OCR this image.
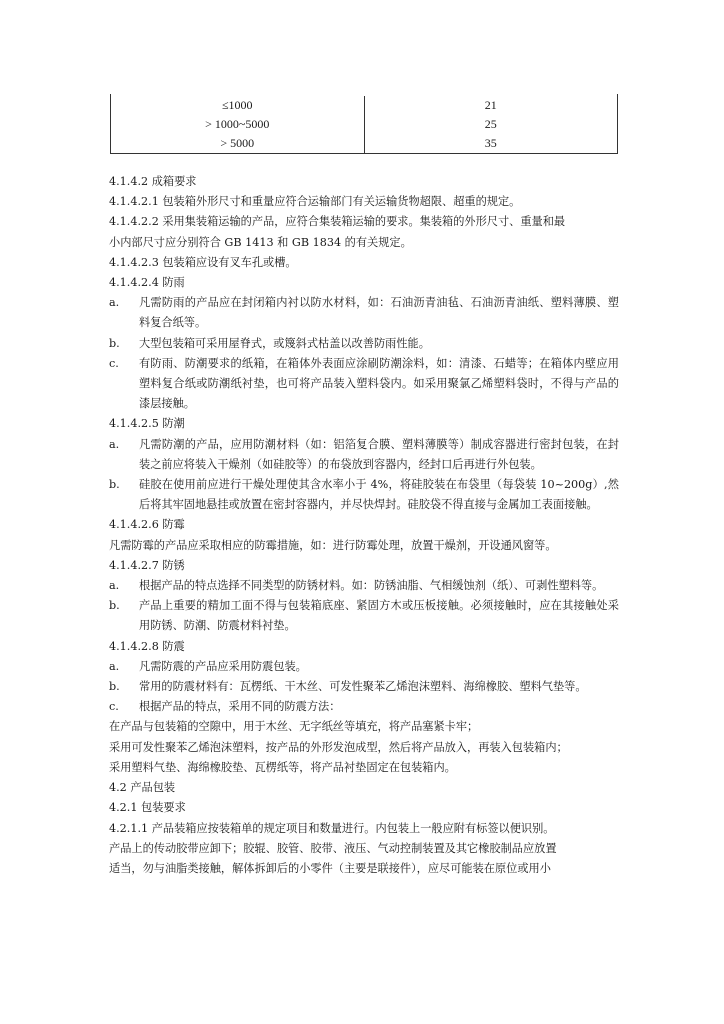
≤1000	21
> 1000~5000	25
> 5000	35
4.1.4.2 成箱要求
4.1.4.2.1 包装箱外形尺寸和重量应符合运输部门有关运输货物超限、超重的规定。
4.1.4.2.2 采用集装箱运输的产品，应符合集装箱运输的要求。集装箱的外形尺寸、重量和最
小内部尺寸应分别符合 GB 1413 和 GB 1834 的有关规定。
4.1.4.2.3 包装箱应设有叉车孔或槽。
4.1.4.2.4 防雨
a. 凡需防雨的产品应在封闭箱内衬以防水材料，如：石油沥青油毡、石油沥青油纸、塑料薄膜、塑料复合纸等。
b. 大型包装箱可采用屋脊式，或篾斜式枯盖以改善防雨性能。
c. 有防雨、防潮要求的纸箱，在箱体外表面应涂刷防潮涂料，如：清漆、石蜡等；在箱体内壁应用塑料复合纸或防潮纸衬垫，也可将产品装入塑料袋内。如采用聚氯乙烯塑料袋时，不得与产品的漆层接触。
4.1.4.2.5 防潮
a. 凡需防潮的产品，应用防潮材料（如：铝箔复合膜、塑料薄膜等）制成容器进行密封包装，在封装之前应将装入干燥剂（如硅胶等）的布袋放到容器内，经封口后再进行外包装。
b. 硅胶在使用前应进行干燥处理使其含水率小于 4%，将硅胶装在布袋里（每袋装 10~200g）,然后将其牢固地悬挂或放置在密封容器内，并尽快焊封。硅胶袋不得直接与金属加工表面接触。
4.1.4.2.6 防霉
凡需防霉的产品应采取相应的防霉措施，如：进行防霉处理，放置干燥剂，开设通风窗等。
4.1.4.2.7 防锈
a. 根据产品的特点选择不同类型的防锈材料。如：防锈油脂、气相缓蚀剂（纸）、可剥性塑料等。
b. 产品上重要的精加工面不得与包装箱底座、紧固方木或压板接触。必须接触时，应在其接触处采用防锈、防潮、防震材料衬垫。
4.1.4.2.8 防震
a. 凡需防震的产品应采用防震包装。
b. 常用的防震材料有：瓦楞纸、干木丝、可发性聚苯乙烯泡沫塑料、海绵橡胶、塑料气垫等。
c. 根据产品的特点，采用不同的防震方法：
在产品与包装箱的空隙中，用于木丝、无字纸丝等填充，将产品塞紧卡牢；
采用可发性聚苯乙烯泡沫塑料，按产品的外形发泡成型，然后将产品放入，再装入包装箱内；
采用塑料气垫、海绵橡胶垫、瓦楞纸等，将产品衬垫固定在包装箱内。
4.2 产品包装
4.2.1 包装要求
4.2.1.1 产品装箱应按装箱单的规定项目和数量进行。内包装上一般应附有标签以便识别。
产品上的传动胶带应卸下；胶辊、胶管、胶带、液压、气动控制装置及其它橡胶制品应放置
适当，勿与油脂类接触，解体拆卸后的小零件（主要是联接件），应尽可能装在原位或用小
